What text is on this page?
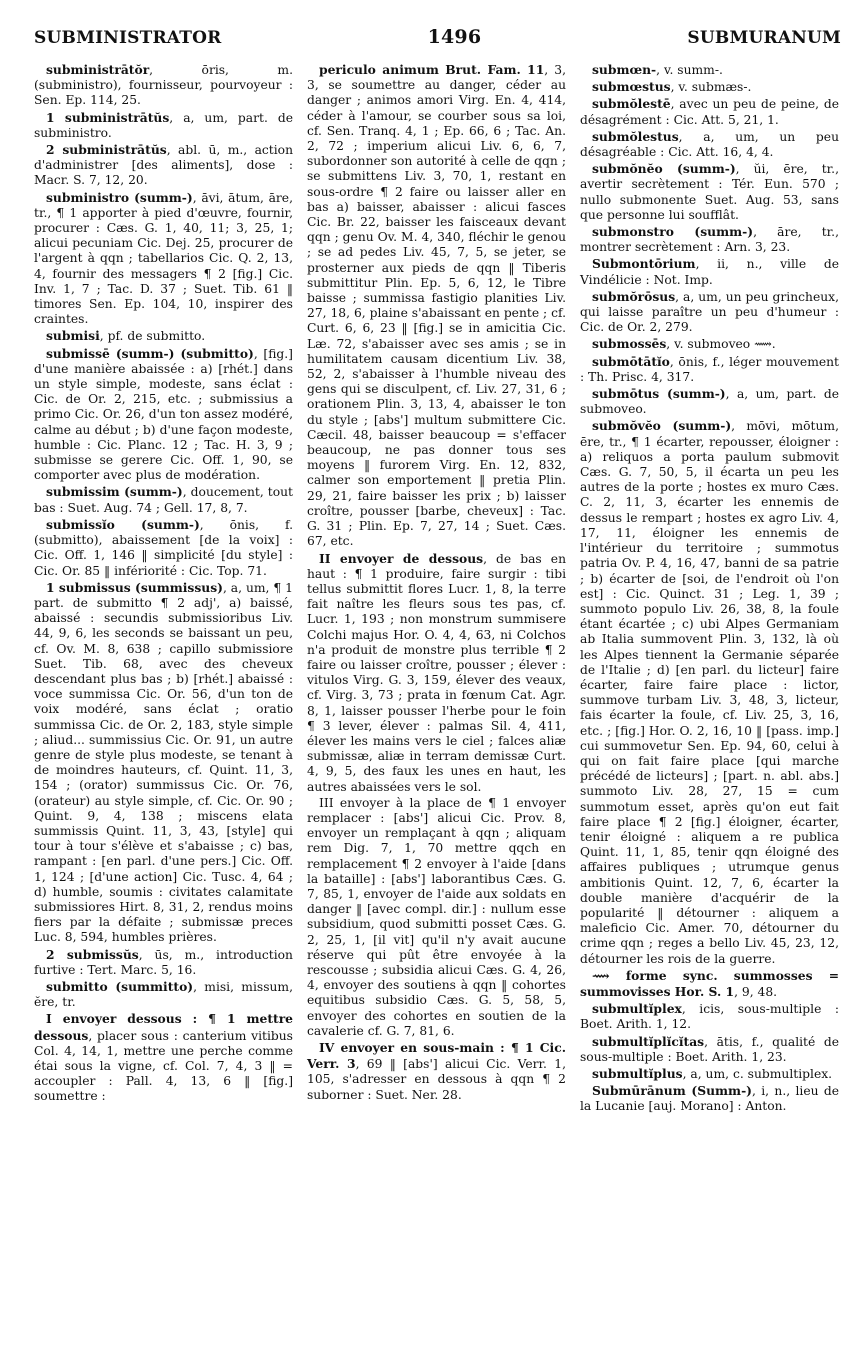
SUBMINISTRATOR	1496	SUBMURANUM

subministrātŏr, ōris, m. (subministro), fournisseur, pourvoyeur : Sen. Ep. 114, 25.

1 subministrātŭs, a, um, part. de subministro.

2 subministrātŭs, abl. ū, m., action d'administrer [des aliments], dose : Macr. S. 7, 12, 20.

subministro (summ-), āvi, ātum, āre, tr., ¶ 1 apporter à pied d'œuvre, fournir, procurer : Cæs. G. 1, 40, 11; 3, 25, 1; alicui pecuniam Cic. Dej. 25, procurer de l'argent à qqn ; tabellarios Cic. Q. 2, 13, 4, fournir des messagers ¶ 2 [fig.] Cic. Inv. 1, 7 ; Tac. D. 37 ; Suet. Tib. 61 ‖ timores Sen. Ep. 104, 10, inspirer des craintes.

submisi, pf. de submitto.

submissē (summ-) (submitto), [fig.] d'une manière abaissée : a) [rhét.] dans un style simple, modeste, sans éclat : Cic. de Or. 2, 215, etc. ; submissius a primo Cic. Or. 26, d'un ton assez modéré, calme au début ; b) d'une façon modeste, humble : Cic. Planc. 12 ; Tac. H. 3, 9 ; submisse se gerere Cic. Off. 1, 90, se comporter avec plus de modération.

submissim (summ-), doucement, tout bas : Suet. Aug. 74 ; Gell. 17, 8, 7.

submissĭo (summ-), ōnis, f. (submitto), abaissement [de la voix] : Cic. Off. 1, 146 ‖ simplicité [du style] : Cic. Or. 85 ‖ infériorité : Cic. Top. 71.

1 submissus (summissus), a, um, ¶ 1 part. de submitto ¶ 2 adj', a) baissé, abaissé : secundis submissioribus Liv. 44, 9, 6, les seconds se baissant un peu, cf. Ov. M. 8, 638 ; capillo submissiore Suet. Tib. 68, avec des cheveux descendant plus bas ; b) [rhét.] abaissé : voce summissa Cic. Or. 56, d'un ton de voix modéré, sans éclat ; oratio summissa Cic. de Or. 2, 183, style simple ; aliud... summissius Cic. Or. 91, un autre genre de style plus modeste, se tenant à de moindres hauteurs, cf. Quint. 11, 3, 154 ; (orator) summissus Cic. Or. 76, (orateur) au style simple, cf. Cic. Or. 90 ; Quint. 9, 4, 138 ; miscens elata summissis Quint. 11, 3, 43, [style] qui tour à tour s'élève et s'abaisse ; c) bas, rampant : [en parl. d'une pers.] Cic. Off. 1, 124 ; [d'une action] Cic. Tusc. 4, 64 ; d) humble, soumis : civitates calamitate submissiores Hirt. 8, 31, 2, rendus moins fiers par la défaite ; submissæ preces Luc. 8, 594, humbles prières.

2 submissŭs, ūs, m., introduction furtive : Tert. Marc. 5, 16.

submitto (summitto), misi, missum, ĕre, tr.

I envoyer dessous : ¶ 1 mettre dessous, placer sous : canterium vitibus Col. 4, 14, 1, mettre une perche comme étai sous la vigne, cf. Col. 7, 4, 3 ‖ = accoupler : Pall. 4, 13, 6 ‖ [fig.] soumettre :

periculo animum Brut. Fam. 11, 3, 3, se soumettre au danger, céder au danger ; animos amori Virg. En. 4, 414, céder à l'amour, se courber sous sa loi, cf. Sen. Tranq. 4, 1 ; Ep. 66, 6 ; Tac. An. 2, 72 ; imperium alicui Liv. 6, 6, 7, subordonner son autorité à celle de qqn ; se submittens Liv. 3, 70, 1, restant en sous-ordre ¶ 2 faire ou laisser aller en bas a) baisser, abaisser : alicui fasces Cic. Br. 22, baisser les faisceaux devant qqn ; genu Ov. M. 4, 340, fléchir le genou ; se ad pedes Liv. 45, 7, 5, se jeter, se prosterner aux pieds de qqn ‖ Tiberis submittitur Plin. Ep. 5, 6, 12, le Tibre baisse ; summissa fastigio planities Liv. 27, 18, 6, plaine s'abaissant en pente ; cf. Curt. 6, 6, 23 ‖ [fig.] se in amicitia Cic. Læ. 72, s'abaisser avec ses amis ; se in humilitatem causam dicentium Liv. 38, 52, 2, s'abaisser à l'humble niveau des gens qui se disculpent, cf. Liv. 27, 31, 6 ; orationem Plin. 3, 13, 4, abaisser le ton du style ; [abs'] multum submittere Cic. Cæcil. 48, baisser beaucoup = s'effacer beaucoup, ne pas donner tous ses moyens ‖ furorem Virg. En. 12, 832, calmer son emportement ‖ pretia Plin. 29, 21, faire baisser les prix ; b) laisser croître, pousser [barbe, cheveux] : Tac. G. 31 ; Plin. Ep. 7, 27, 14 ; Suet. Cæs. 67, etc.

II envoyer de dessous, de bas en haut : ¶ 1 produire, faire surgir : tibi tellus submittit flores Lucr. 1, 8, la terre fait naître les fleurs sous tes pas, cf. Lucr. 1, 193 ; non monstrum summisere Colchi majus Hor. O. 4, 4, 63, ni Colchos n'a produit de monstre plus terrible ¶ 2 faire ou laisser croître, pousser ; élever : vitulos Virg. G. 3, 159, élever des veaux, cf. Virg. 3, 73 ; prata in fœnum Cat. Agr. 8, 1, laisser pousser l'herbe pour le foin ¶ 3 lever, élever : palmas Sil. 4, 411, élever les mains vers le ciel ; falces aliæ submissæ, aliæ in terram demissæ Curt. 4, 9, 5, des faux les unes en haut, les autres abaissées vers le sol.

III envoyer à la place de ¶ 1 envoyer remplacer : [abs'] alicui Cic. Prov. 8, envoyer un remplaçant à qqn ; aliquam rem Dig. 7, 1, 70 mettre qqch en remplacement ¶ 2 envoyer à l'aide [dans la bataille] : [abs'] laborantibus Cæs. G. 7, 85, 1, envoyer de l'aide aux soldats en danger ‖ [avec compl. dir.] : nullum esse subsidium, quod submitti posset Cæs. G. 2, 25, 1, [il vit] qu'il n'y avait aucune réserve qui pût être envoyée à la rescousse ; subsidia alicui Cæs. G. 4, 26, 4, envoyer des soutiens à qqn ‖ cohortes equitibus subsidio Cæs. G. 5, 58, 5, envoyer des cohortes en soutien de la cavalerie cf. G. 7, 81, 6.

IV envoyer en sous-main : ¶ 1 Cic. Verr. 3, 69 ‖ [abs'] alicui Cic. Verr. 1, 105, s'adresser en dessous à qqn ¶ 2 suborner : Suet. Ner. 28.

submœn-, v. summ-.

submœstus, v. submæs-.

submŏlestē, avec un peu de peine, de désagrément : Cic. Att. 5, 21, 1.

submŏlestus, a, um, un peu désagréable : Cic. Att. 16, 4, 4.

submŏnĕo (summ-), ŭi, ēre, tr., avertir secrètement : Tér. Eun. 570 ; nullo submonente Suet. Aug. 53, sans que personne lui soufflât.

submonstro (summ-), āre, tr., montrer secrètement : Arn. 3, 23.

Submontōrium, ii, n., ville de Vindélicie : Not. Imp.

submŏrōsus, a, um, un peu grincheux, qui laisse paraître un peu d'humeur : Cic. de Or. 2, 279.

submossēs, v. submoveo ⟿.

submōtātĭo, ōnis, f., léger mouvement : Th. Prisc. 4, 317.

submōtus (summ-), a, um, part. de submoveo.

submŏvĕo (summ-), mōvi, mōtum, ēre, tr., ¶ 1 écarter, repousser, éloigner : a) reliquos a porta paulum submovit Cæs. G. 7, 50, 5, il écarta un peu les autres de la porte ; hostes ex muro Cæs. C. 2, 11, 3, écarter les ennemis de dessus le rempart ; hostes ex agro Liv. 4, 17, 11, éloigner les ennemis de l'intérieur du territoire ; summotus patria Ov. P. 4, 16, 47, banni de sa patrie ; b) écarter de [soi, de l'endroit où l'on est] : Cic. Quinct. 31 ; Leg. 1, 39 ; summoto populo Liv. 26, 38, 8, la foule étant écartée ; c) ubi Alpes Germaniam ab Italia summovent Plin. 3, 132, là où les Alpes tiennent la Germanie séparée de l'Italie ; d) [en parl. du licteur] faire écarter, faire faire place : lictor, summove turbam Liv. 3, 48, 3, licteur, fais écarter la foule, cf. Liv. 25, 3, 16, etc. ; [fig.] Hor. O. 2, 16, 10 ‖ [pass. imp.] cui summovetur Sen. Ep. 94, 60, celui à qui on fait faire place [qui marche précédé de licteurs] ; [part. n. abl. abs.] summoto Liv. 28, 27, 15 = cum summotum esset, après qu'on eut fait faire place ¶ 2 [fig.] éloigner, écarter, tenir éloigné : aliquem a re publica Quint. 11, 1, 85, tenir qqn éloigné des affaires publiques ; utrumque genus ambitionis Quint. 12, 7, 6, écarter la double manière d'acquérir de la popularité ‖ détourner : aliquem a maleficio Cic. Amer. 70, détourner du crime qqn ; reges a bello Liv. 45, 23, 12, détourner les rois de la guerre.

⟿ forme sync. summosses = summovisses Hor. S. 1, 9, 48.

submultĭplex, icis, sous-multiple : Boet. Arith. 1, 12.

submultĭplĭcĭtas, ātis, f., qualité de sous-multiple : Boet. Arith. 1, 23.

submultĭplus, a, um, c. submultiplex.

Submūrānum (Summ-), i, n., lieu de la Lucanie [auj. Morano] : Anton.
